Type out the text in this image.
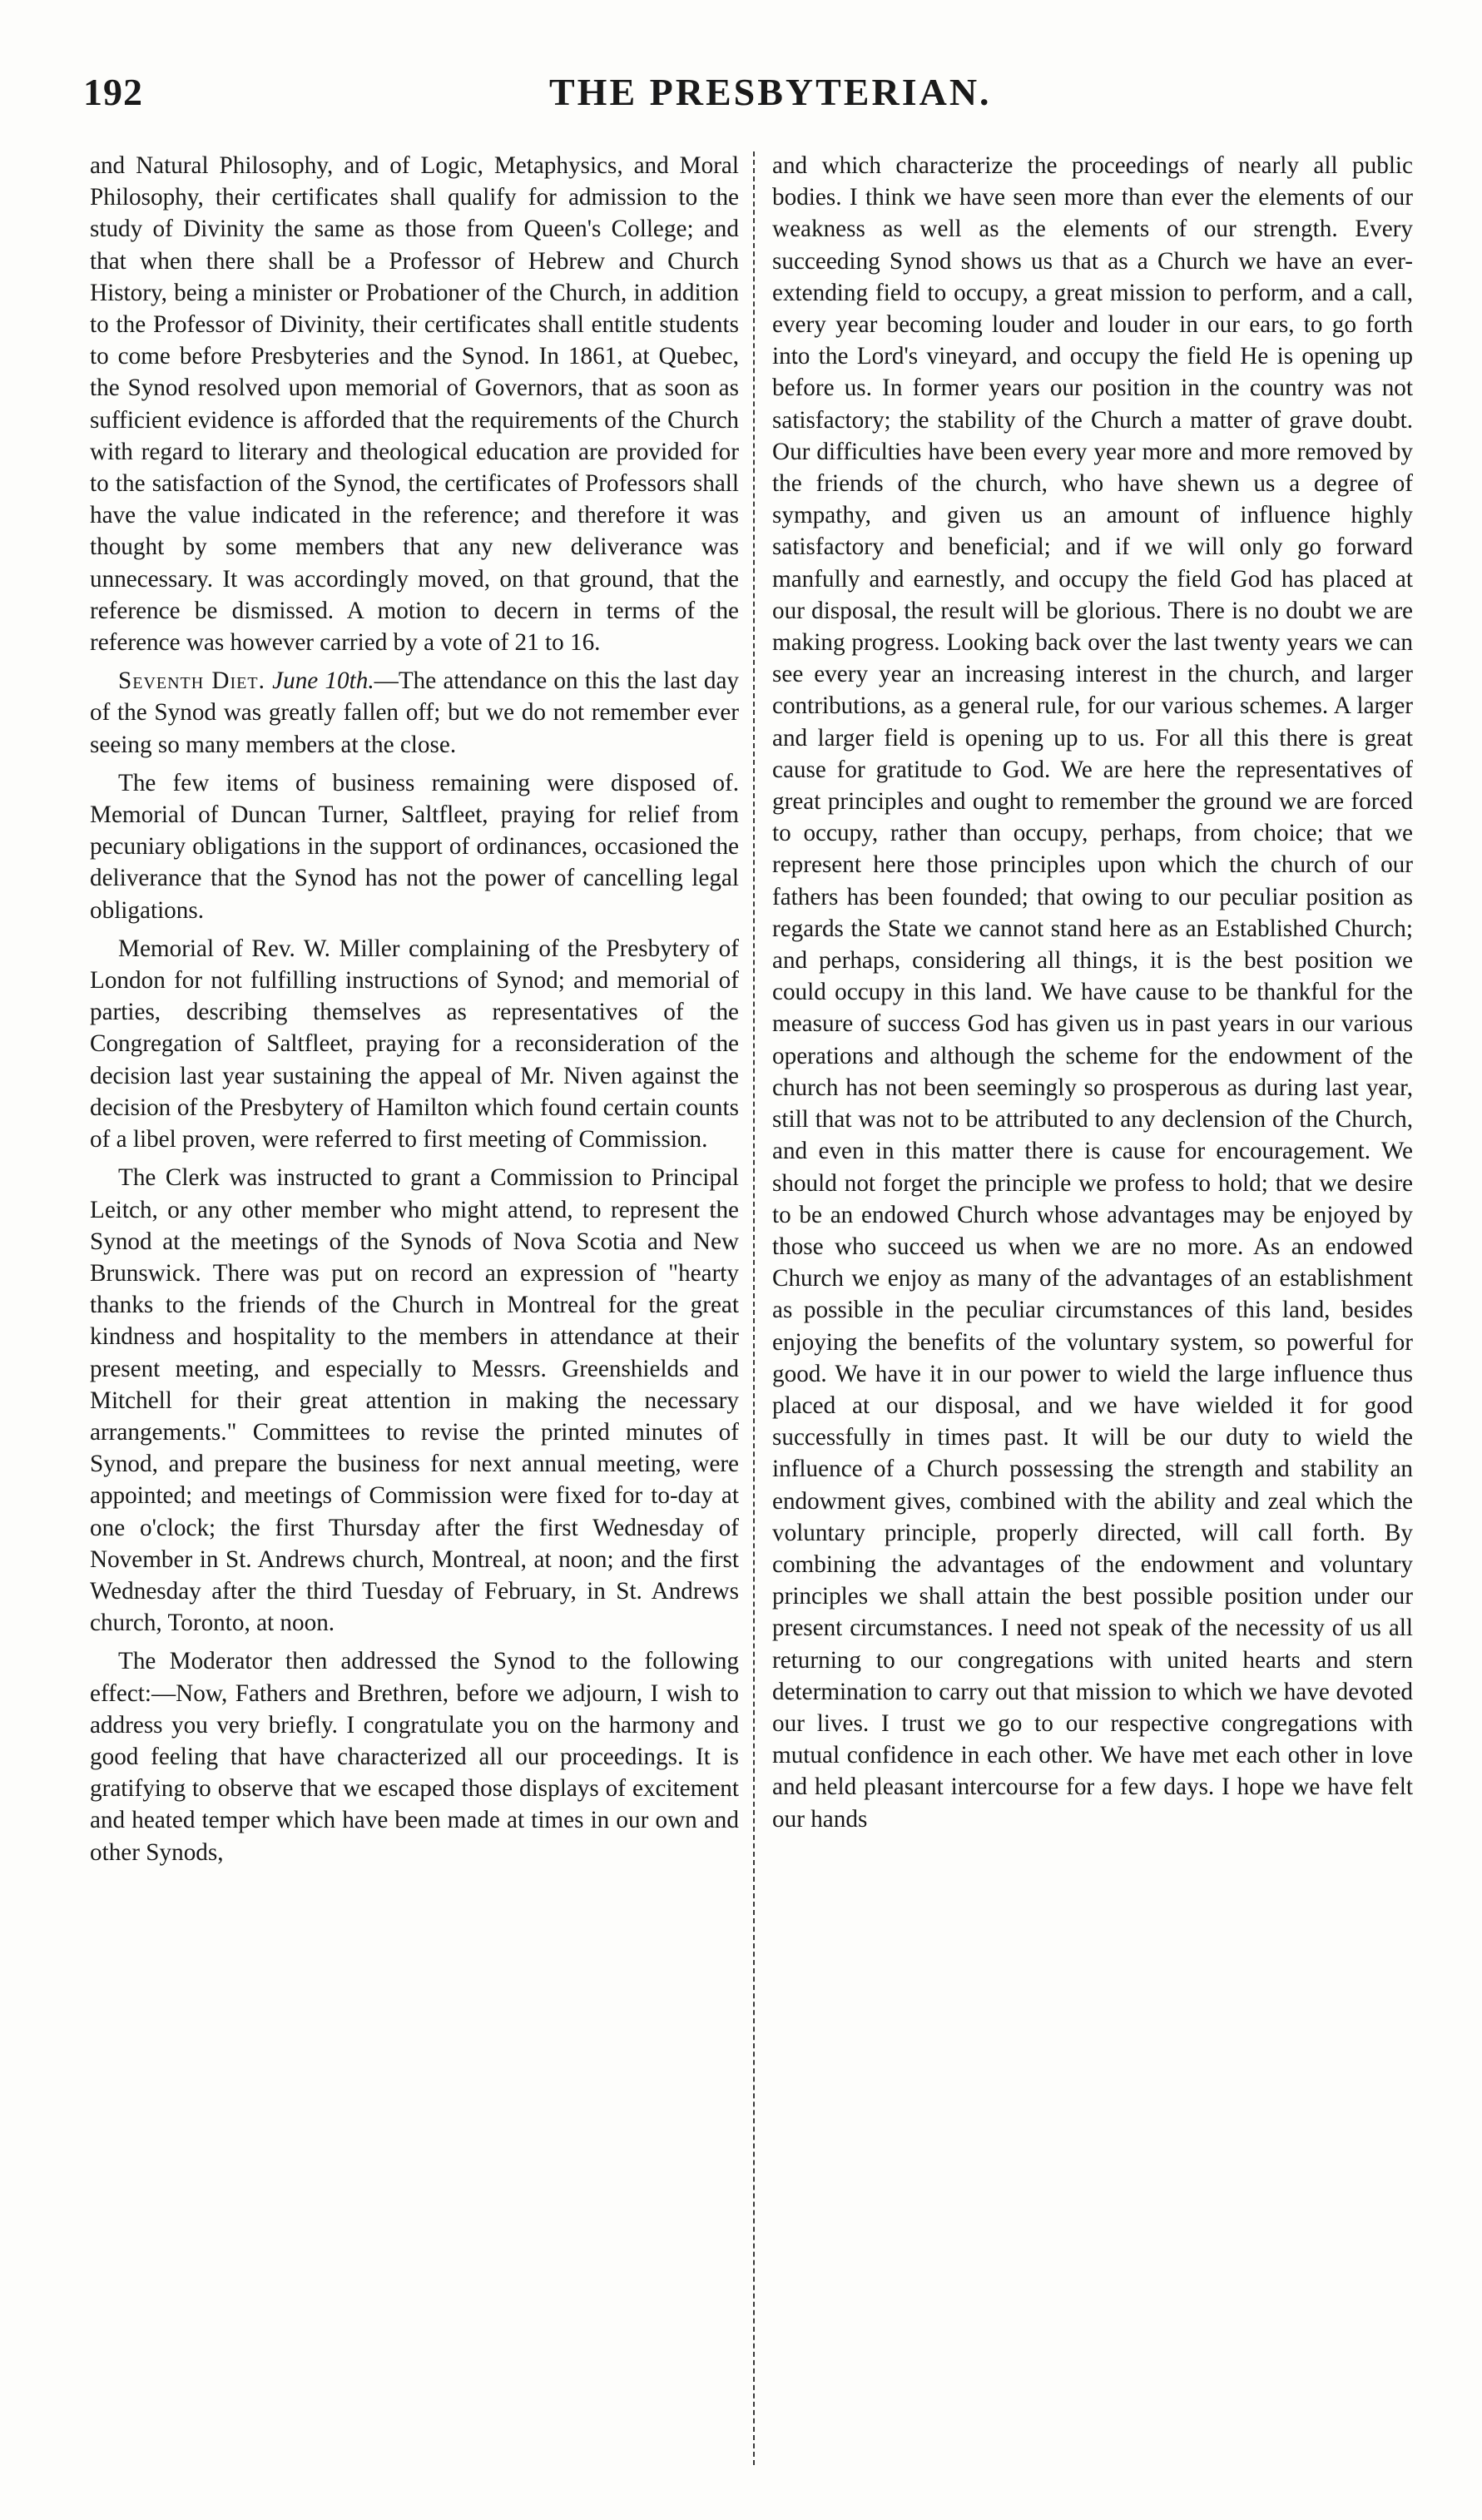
192	THE PRESBYTERIAN.

and Natural Philosophy, and of Logic, Metaphysics, and Moral Philosophy, their certificates shall qualify for admission to the study of Divinity the same as those from Queen's College; and that when there shall be a Professor of Hebrew and Church History, being a minister or Probationer of the Church, in addition to the Professor of Divinity, their certificates shall entitle students to come before Presbyteries and the Synod. In 1861, at Quebec, the Synod resolved upon memorial of Governors, that as soon as sufficient evidence is afforded that the requirements of the Church with regard to literary and theological education are provided for to the satisfaction of the Synod, the certificates of Professors shall have the value indicated in the reference; and therefore it was thought by some members that any new deliverance was unnecessary. It was accordingly moved, on that ground, that the reference be dismissed. A motion to decern in terms of the reference was however carried by a vote of 21 to 16.

Seventh Diet. June 10th.—The attendance on this the last day of the Synod was greatly fallen off; but we do not remember ever seeing so many members at the close.

The few items of business remaining were disposed of. Memorial of Duncan Turner, Saltfleet, praying for relief from pecuniary obligations in the support of ordinances, occasioned the deliverance that the Synod has not the power of cancelling legal obligations.

Memorial of Rev. W. Miller complaining of the Presbytery of London for not fulfilling instructions of Synod; and memorial of parties, describing themselves as representatives of the Congregation of Saltfleet, praying for a reconsideration of the decision last year sustaining the appeal of Mr. Niven against the decision of the Presbytery of Hamilton which found certain counts of a libel proven, were referred to first meeting of Commission.

The Clerk was instructed to grant a Commission to Principal Leitch, or any other member who might attend, to represent the Synod at the meetings of the Synods of Nova Scotia and New Brunswick. There was put on record an expression of "hearty thanks to the friends of the Church in Montreal for the great kindness and hospitality to the members in attendance at their present meeting, and especially to Messrs. Greenshields and Mitchell for their great attention in making the necessary arrangements." Committees to revise the printed minutes of Synod, and prepare the business for next annual meeting, were appointed; and meetings of Commission were fixed for to-day at one o'clock; the first Thursday after the first Wednesday of November in St. Andrews church, Montreal, at noon; and the first Wednesday after the third Tuesday of February, in St. Andrews church, Toronto, at noon.

The Moderator then addressed the Synod to the following effect:—Now, Fathers and Brethren, before we adjourn, I wish to address you very briefly. I congratulate you on the harmony and good feeling that have characterized all our proceedings. It is gratifying to observe that we escaped those displays of excitement and heated temper which have been made at times in our own and other Synods,

and which characterize the proceedings of nearly all public bodies. I think we have seen more than ever the elements of our weakness as well as the elements of our strength. Every succeeding Synod shows us that as a Church we have an ever-extending field to occupy, a great mission to perform, and a call, every year becoming louder and louder in our ears, to go forth into the Lord's vineyard, and occupy the field He is opening up before us. In former years our position in the country was not satisfactory; the stability of the Church a matter of grave doubt. Our difficulties have been every year more and more removed by the friends of the church, who have shewn us a degree of sympathy, and given us an amount of influence highly satisfactory and beneficial; and if we will only go forward manfully and earnestly, and occupy the field God has placed at our disposal, the result will be glorious. There is no doubt we are making progress. Looking back over the last twenty years we can see every year an increasing interest in the church, and larger contributions, as a general rule, for our various schemes. A larger and larger field is opening up to us. For all this there is great cause for gratitude to God. We are here the representatives of great principles and ought to remember the ground we are forced to occupy, rather than occupy, perhaps, from choice; that we represent here those principles upon which the church of our fathers has been founded; that owing to our peculiar position as regards the State we cannot stand here as an Established Church; and perhaps, considering all things, it is the best position we could occupy in this land. We have cause to be thankful for the measure of success God has given us in past years in our various operations and although the scheme for the endowment of the church has not been seemingly so prosperous as during last year, still that was not to be attributed to any declension of the Church, and even in this matter there is cause for encouragement. We should not forget the principle we profess to hold; that we desire to be an endowed Church whose advantages may be enjoyed by those who succeed us when we are no more. As an endowed Church we enjoy as many of the advantages of an establishment as possible in the peculiar circumstances of this land, besides enjoying the benefits of the voluntary system, so powerful for good. We have it in our power to wield the large influence thus placed at our disposal, and we have wielded it for good successfully in times past. It will be our duty to wield the influence of a Church possessing the strength and stability an endowment gives, combined with the ability and zeal which the voluntary principle, properly directed, will call forth. By combining the advantages of the endowment and voluntary principles we shall attain the best possible position under our present circumstances. I need not speak of the necessity of us all returning to our congregations with united hearts and stern determination to carry out that mission to which we have devoted our lives. I trust we go to our respective congregations with mutual confidence in each other. We have met each other in love and held pleasant intercourse for a few days. I hope we have felt our hands
